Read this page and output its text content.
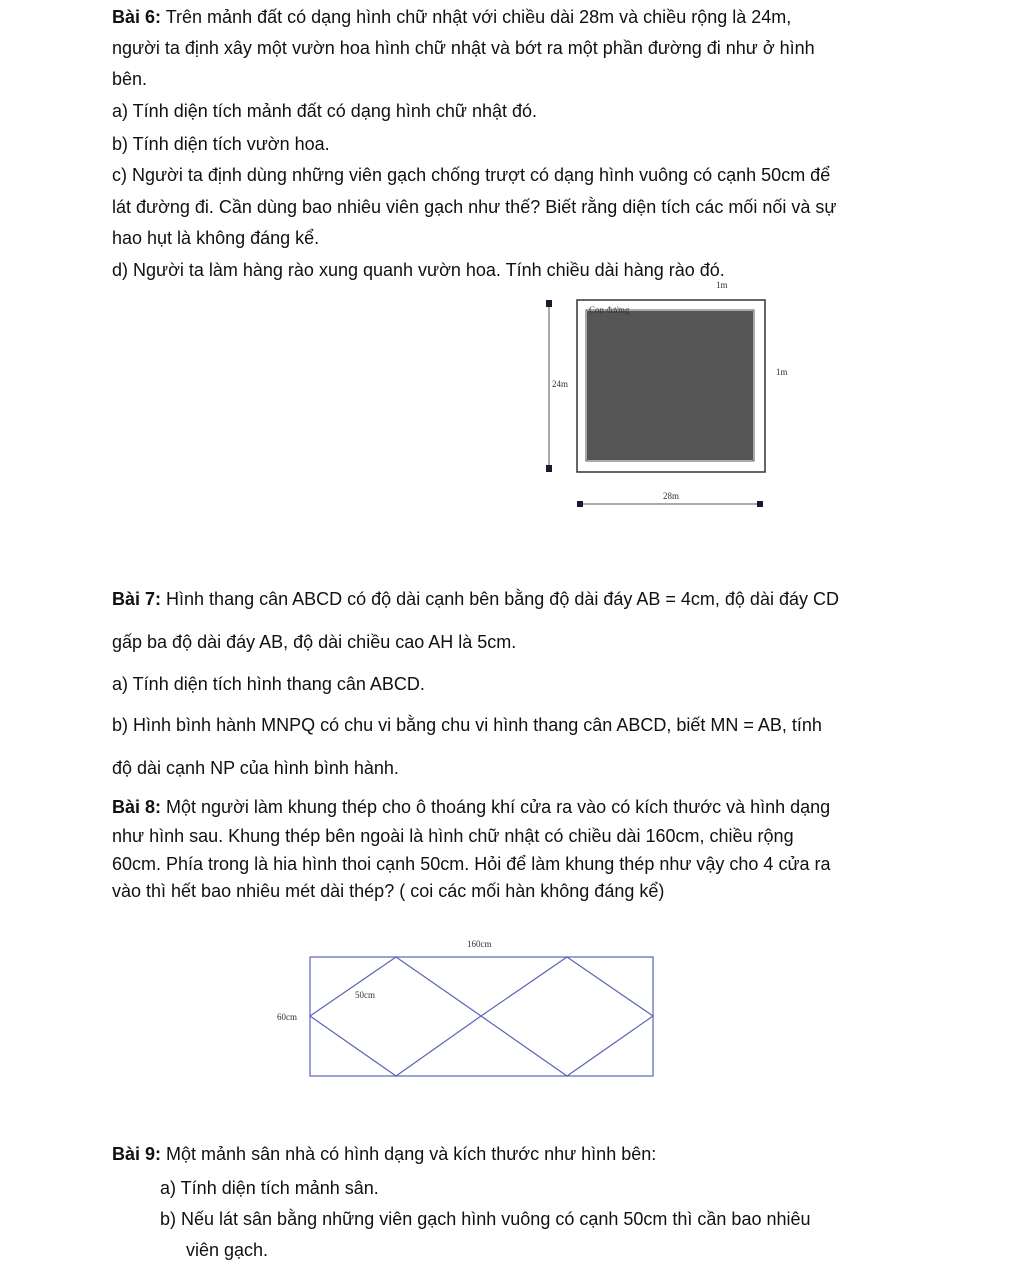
Bài 6: Trên mảnh đất có dạng hình chữ nhật với chiều dài 28m và chiều rộng là 24m,
người ta định xây một vườn hoa hình chữ nhật và bớt ra một phần đường đi như ở hình
bên.
a) Tính diện tích mảnh đất có dạng hình chữ nhật đó.
b) Tính diện tích vườn hoa.
c) Người ta định dùng những viên gạch chống trượt có dạng hình vuông có cạnh 50cm để
lát đường đi. Cần dùng bao nhiêu viên gạch như thế? Biết rằng diện tích các mối nối và sự
hao hụt là không đáng kể.
d) Người ta làm hàng rào xung quanh vườn hoa. Tính chiều dài hàng rào đó.
1m
24m
Con đường
1m
28m
Bài 7: Hình thang cân ABCD có độ dài cạnh bên bằng độ dài đáy AB = 4cm, độ dài đáy CD
gấp ba độ dài đáy AB, độ dài chiều cao AH là 5cm.
a) Tính diện tích hình thang cân ABCD.
b) Hình bình hành MNPQ có chu vi bằng chu vi hình thang cân ABCD, biết MN = AB, tính
độ dài cạnh NP của hình bình hành.
Bài 8: Một người làm khung thép cho ô thoáng khí cửa ra vào có kích thước và hình dạng
như hình sau. Khung thép bên ngoài là hình chữ nhật có chiều dài 160cm, chiều rộng
60cm. Phía trong là hia hình thoi cạnh 50cm. Hỏi để làm khung thép như vậy cho 4 cửa ra
vào thì hết bao nhiêu mét dài thép? ( coi các mối hàn không đáng kể)
160cm
50cm
60cm
Bài 9: Một mảnh sân nhà có hình dạng và kích thước như hình bên:
a) Tính diện tích mảnh sân.
b) Nếu lát sân bằng những viên gạch hình vuông có cạnh 50cm thì cần bao nhiêu
viên gạch.
